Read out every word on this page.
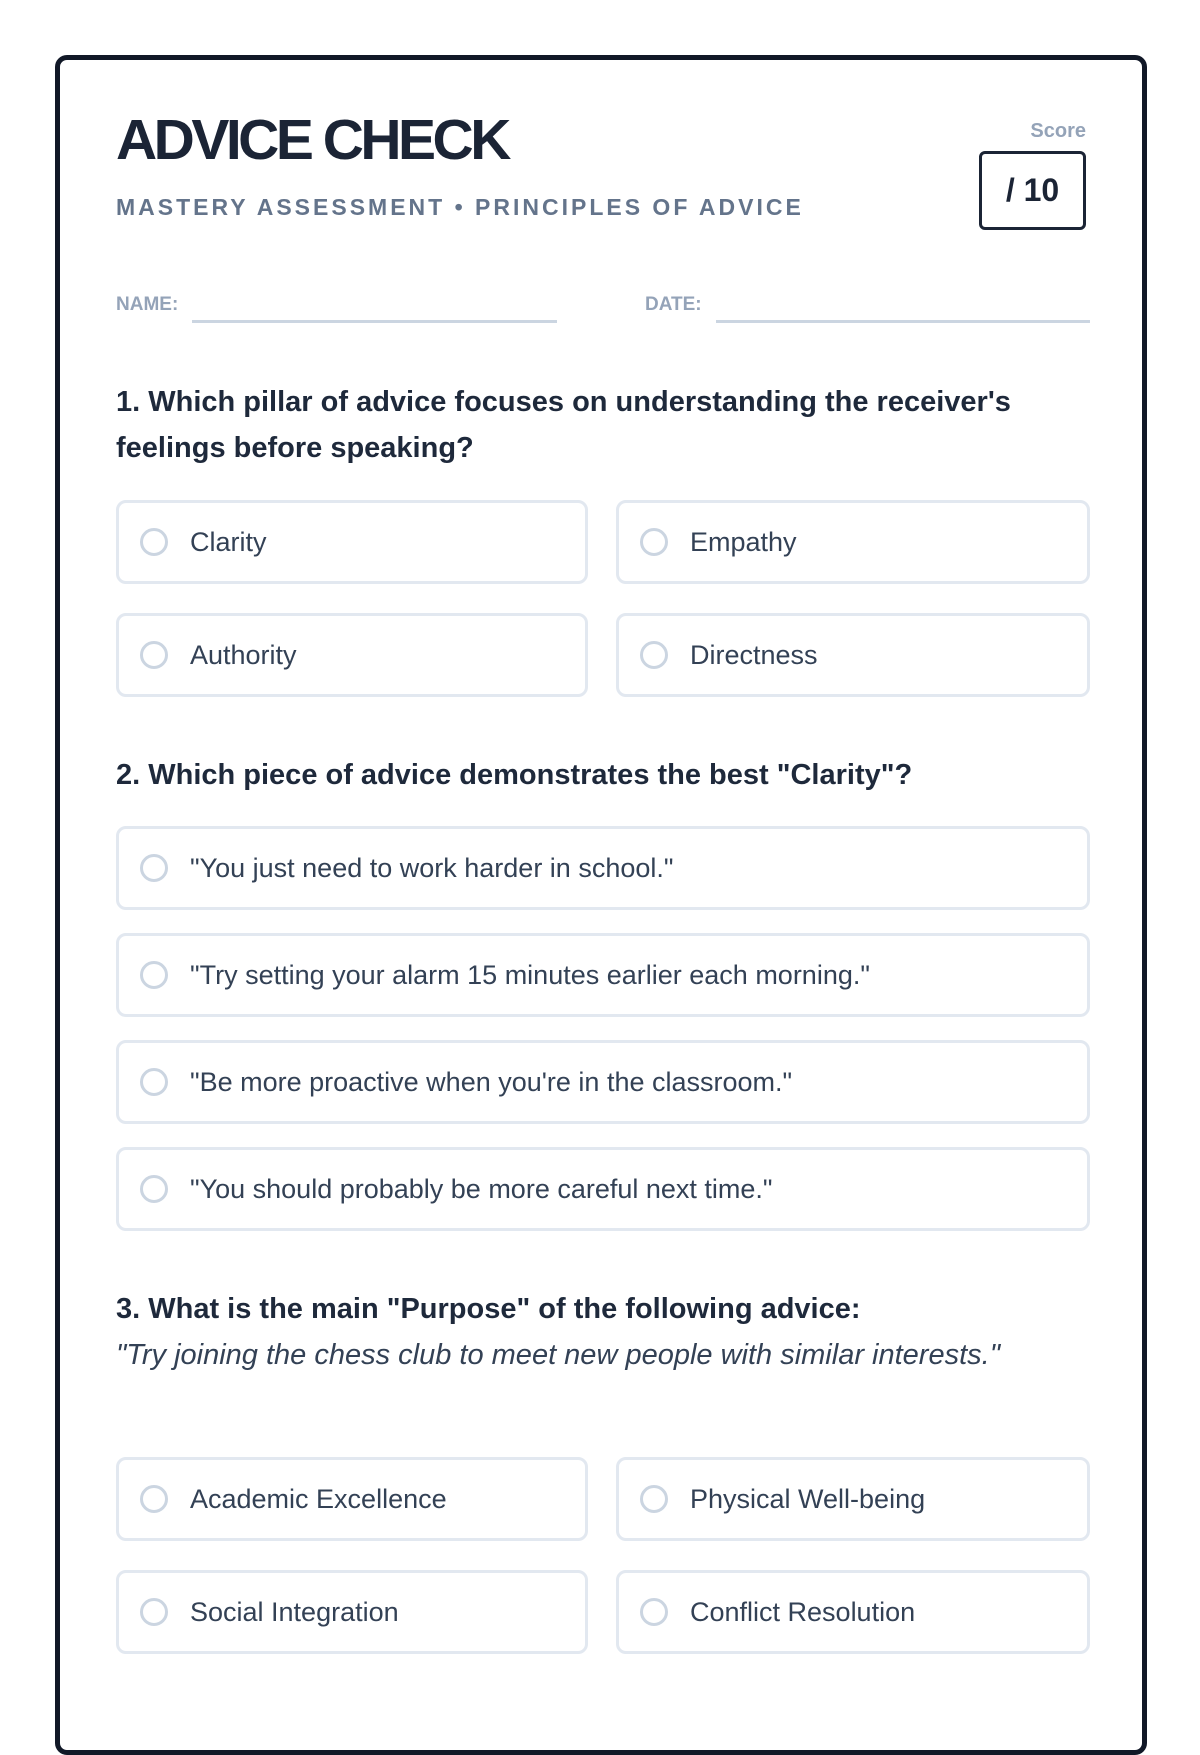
ADVICE CHECK
MASTERY ASSESSMENT • PRINCIPLES OF ADVICE
Score
/ 10
NAME:	DATE:
1. Which pillar of advice focuses on understanding the receiver's feelings before speaking?
Clarity	Empathy
Authority	Directness
2. Which piece of advice demonstrates the best "Clarity"?
"You just need to work harder in school."
"Try setting your alarm 15 minutes earlier each morning."
"Be more proactive when you're in the classroom."
"You should probably be more careful next time."
3. What is the main "Purpose" of the following advice:
"Try joining the chess club to meet new people with similar interests."
Academic Excellence	Physical Well-being
Social Integration	Conflict Resolution
